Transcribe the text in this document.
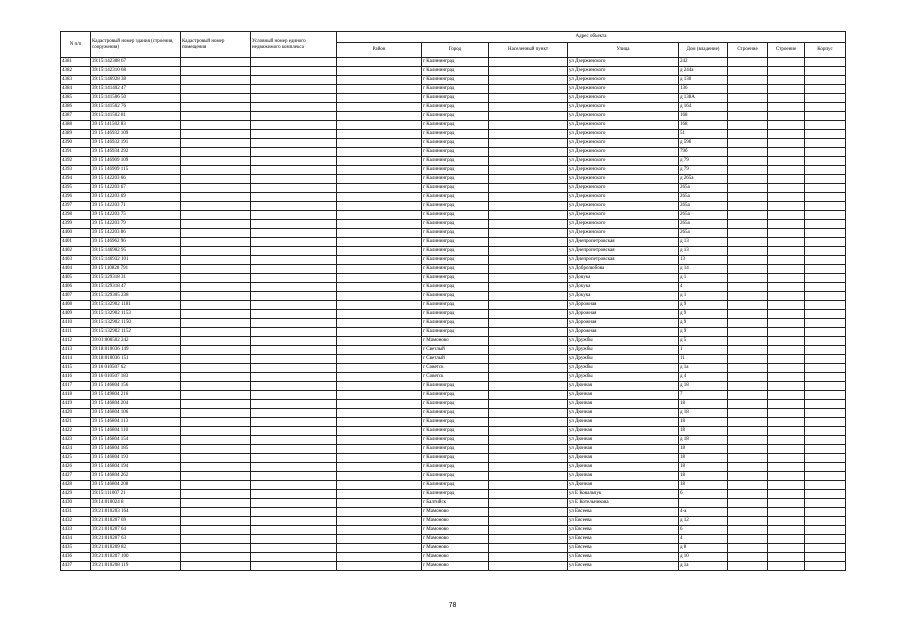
N п/п	Кадастровый номер здания (строения, сооружения)	Кадастровый номер помещения	Условный номер единого недвижимого комплекса	Адрес объекта							
				Район	Город	Населенный пункт	Улица	Дом (владение)	Строение	Строение	Корпус
4381	39:15:142308 67				г Калининград		ул Дзержинского	242			
4382	39:15:142310 68				г Калининград		ул Дзержинского	д 244а			
4383	39:15:146928 38				г Калининград		ул Дзержинского	д 130			
4384	39:15:141402 47				г Калининград		ул Дзержинского	136			
4385	39:15:141506 50				г Калининград		ул Дзержинского	д 138А			
4386	39:15:141502 76				г Калининград		ул Дзержинского	д 164			
4387	39:15:141502 81				г Калининград		ул Дзержинского	168			
4388	39 15 141502 83				г Калининград		ул Дзержинского	168			
4389	39 15 146932 109				г Калининград		ул Дзержинского	51			
4390	39 15 146932 191				г Калининград		ул Дзержинского	д 59б			
4391	39 15 146934 292				г Калининград		ул Дзержинского	79б			
4392	39 15 146909 109				г Калининград		ул Дзержинского	д 79			
4393	39 15 146909 115				г Калининград		ул Дзержинского	д 79			
4394	39 15 142203 66				г Калининград		ул Дзержинского	д 265а			
4395	39 15 142203 67				г Калининград		ул Дзержинского	265а			
4396	39 15 142203 69				г Калининград		ул Дзержинского	265а			
4397	39 15 142203 71				г Калининград		ул Дзержинского	265а			
4398	39 15 142203 75				г Калининград		ул Дзержинского	265а			
4399	39 15 142203 79				г Калининград		ул Дзержинского	265а			
4400	39 15 142203 86				г Калининград		ул Дзержинского	265а			
4401	39 15 146962 96				г Калининград		ул Днепропетровская	д 13			
4402	39:15:146902 95				г Калининград		ул Днепропетровская	д 13			
4403	39:15:146932 101				г Калининград		ул Днепропетровская	13			
4404	39 15 110828 791				г Калининград		ул Добролюбова	д 14			
4405	39:15:129318 31				г Калининград		ул Докука	д 1			
4406	39:15:129318 47				г Калининград		ул Докука	4			
4407	39:15:129305 238				г Калининград		ул Докука	д 1			
4408	39:15:132902 1181				г Калининград		ул Дорожная	д 9			
4409	39:15:132902 1153				г Калининград		ул Дорожная	д 9			
4410	39:15:132902 1150				г Калининград		ул Дорожная	д 9			
4411	39:15:132902 1152				г Калининград		ул Дорожная	д 9			
4412	39:01:000502 242				г Мамоново		ул Дружбы	д 5			
4413	39:18:010036 149				г Светлый		ул Дружбы	1			
4414	39:18:010036 151				г Светлый		ул Дружбы	11			
4415	39 16 010507 62				г Советск		ул Дружбы	д 1а			
4416	39 16 010507 183				г Советск		ул Дружбы	д 4			
4417	39 15 146804 156				г Калининград		ул Дюнная	д 18			
4418	39 15 149804 216				г Калининград		ул Дюнная	7			
4419	39 15 146804 204				г Калининград		ул Дюнная	18			
4420	39 15 146804 106				г Калининград		ул Дюнная	д 18			
4421	39 15 146804 113				г Калининград		ул Дюнная	18			
4422	39 15 146804 110				г Калининград		ул Дюнная	18			
4423	39 15 146804 154				г Калининград		ул Дюнная	д 18			
4424	39 15 146804 185				г Калининград		ул Дюнная	18			
4425	39 15 146804 193				г Калининград		ул Дюнная	18			
4426	39 15 146804 194				г Калининград		ул Дюнная	18			
4427	39 15 146804 262				г Калининград		ул Дюнная	18			
4428	39 15 146804 208				г Калининград		ул Дюнная	18			
4429	39:15:111007 21				г Калининград		ул Е Ковальчук	6			
4430	39:14:010024 8				г Балтийск		ул Е Котельникова				
4431	39:21:010203 164				г Мамоново		ул Евсеева	4-а			
4432	39:21:010207 69				г Мамоново		ул Евсеева	д 12			
4433	39:21:010207 64				г Мамоново		ул Евсеева	6			
4434	39:21:010207 63				г Мамоново		ул Евсеева	4			
4435	39:21:010209 82				г Мамоново		ул Евсеева	д 8			
4436	39:21:010207 100				г Мамоново		ул Евсеева	д 10			
4437	39:21:010208 119				г Мамоново		ул Евсеева	д 1а			
78
